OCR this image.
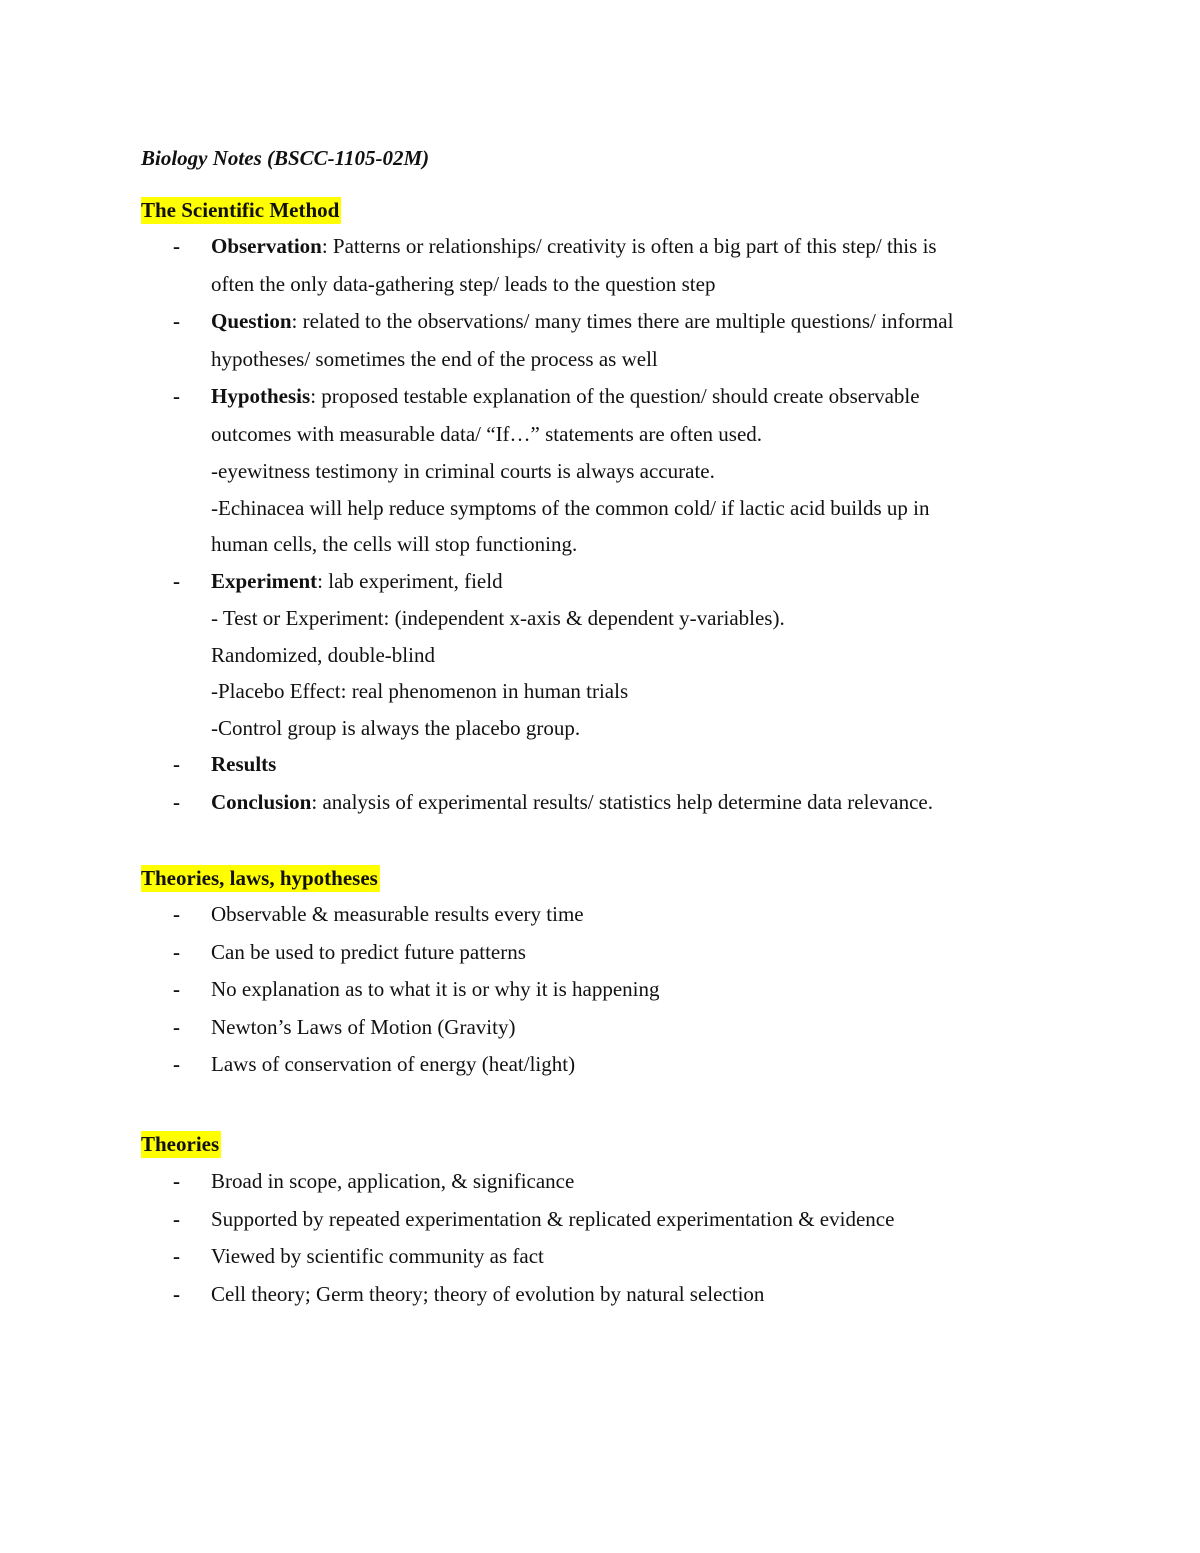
Biology Notes (BSCC-1105-02M)
The Scientific Method
- Observation: Patterns or relationships/ creativity is often a big part of this step/ this is
often the only data-gathering step/ leads to the question step
- Question: related to the observations/ many times there are multiple questions/ informal
hypotheses/ sometimes the end of the process as well
- Hypothesis: proposed testable explanation of the question/ should create observable
outcomes with measurable data/ “If…” statements are often used.
-eyewitness testimony in criminal courts is always accurate.
-Echinacea will help reduce symptoms of the common cold/ if lactic acid builds up in
human cells, the cells will stop functioning.
- Experiment: lab experiment, field
- Test or Experiment: (independent x-axis & dependent y-variables).
Randomized, double-blind
-Placebo Effect: real phenomenon in human trials
-Control group is always the placebo group.
- Results
- Conclusion: analysis of experimental results/ statistics help determine data relevance.
Theories, laws, hypotheses
- Observable & measurable results every time
- Can be used to predict future patterns
- No explanation as to what it is or why it is happening
- Newton’s Laws of Motion (Gravity)
- Laws of conservation of energy (heat/light)
Theories
- Broad in scope, application, & significance
- Supported by repeated experimentation & replicated experimentation & evidence
- Viewed by scientific community as fact
- Cell theory; Germ theory; theory of evolution by natural selection
